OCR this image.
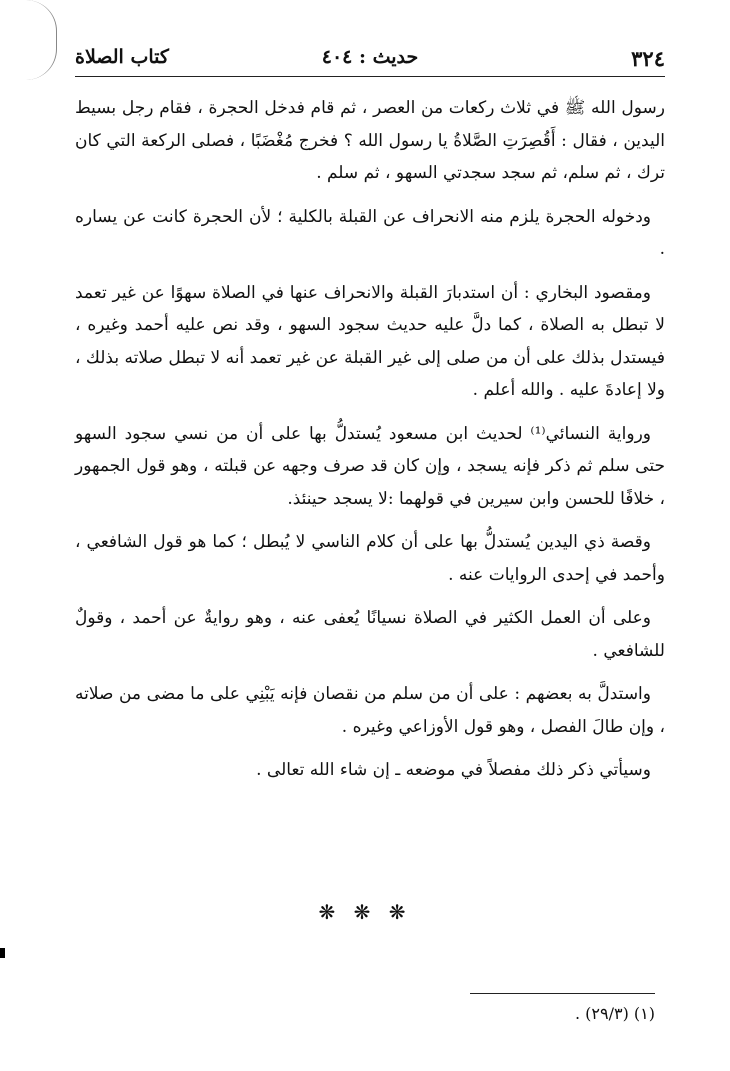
٣٢٤
حديث : ٤٠٤
كتاب الصلاة

رسول الله ﷺ في ثلاث ركعات من العصر ، ثم قام فدخل الحجرة ، فقام رجل بسيط اليدين ، فقال : أَقُصِرَتِ الصَّلاةُ يا رسول الله ؟ فخرج مُغْضَبًا ، فصلى الركعة التي كان ترك ، ثم سلم، ثم سجد سجدتي السهو ، ثم سلم .

ودخوله الحجرة يلزم منه الانحراف عن القبلة بالكلية ؛ لأن الحجرة كانت عن يساره .

ومقصود البخاري : أن استدبارَ القبلة والانحراف عنها في الصلاة سهوًا عن غير تعمد لا تبطل به الصلاة ، كما دلَّ عليه حديث سجود السهو ، وقد نص عليه أحمد وغيره ، فيستدل بذلك على أن من صلى إلى غير القبلة عن غير تعمد أنه لا تبطل صلاته بذلك ، ولا إعادةَ عليه . والله أعلم .

ورواية النسائي⁽¹⁾ لحديث ابن مسعود يُستدلُّ بها على أن من نسي سجود السهو حتى سلم ثم ذكر فإنه يسجد ، وإن كان قد صرف وجهه عن قبلته ، وهو قول الجمهور ، خلافًا للحسن وابن سيرين في قولهما :لا يسجد حينئذ.

وقصة ذي اليدين يُستدلُّ بها على أن كلام الناسي لا يُبطل ؛ كما هو قول الشافعي ، وأحمد في إحدى الروايات عنه .

وعلى أن العمل الكثير في الصلاة نسيانًا يُعفى عنه ، وهو روايةٌ عن أحمد ، وقولٌ للشافعي .

واستدلَّ به بعضهم : على أن من سلم من نقصان فإنه يَبْنِي على ما مضى من صلاته ، وإن طالَ الفصل ، وهو قول الأوزاعي وغيره .

وسيأتي ذكر ذلك مفصلاً في موضعه ـ إن شاء الله تعالى .

❋ ❋ ❋
(١) (٢٩/٣) .
